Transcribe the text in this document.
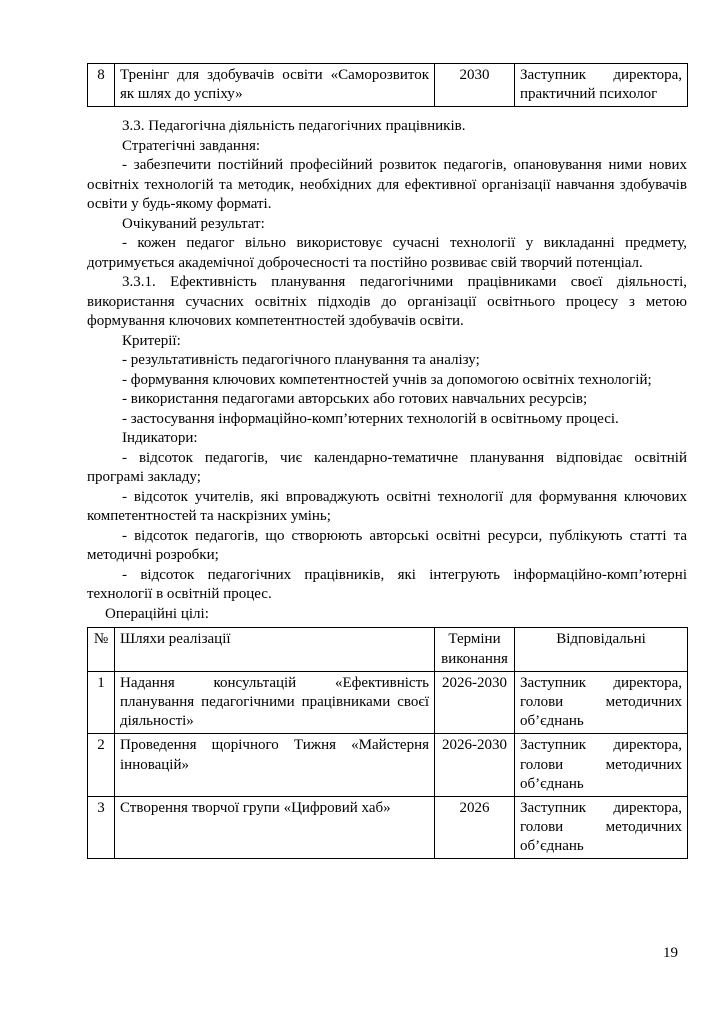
8	Тренінг для здобувачів освіти «Саморозвиток як шлях до успіху»	2030	Заступник директора, практичний психолог

3.3. Педагогічна діяльність педагогічних працівників.

Стратегічні завдання:

- забезпечити постійний професійний розвиток педагогів, опановування ними нових освітніх технологій та методик, необхідних для ефективної організації навчання здобувачів освіти у будь-якому форматі.

Очікуваний результат:

- кожен педагог вільно використовує сучасні технології у викладанні предмету, дотримується академічної доброчесності та постійно розвиває свій творчий потенціал.

3.3.1. Ефективність планування педагогічними працівниками своєї діяльності, використання сучасних освітніх підходів до організації освітнього процесу з метою формування ключових компетентностей здобувачів освіти.

Критерії:

- результативність педагогічного планування та аналізу;

- формування ключових компетентностей учнів за допомогою освітніх технологій;

- використання педагогами авторських або готових навчальних ресурсів;

- застосування інформаційно-комп’ютерних технологій в освітньому процесі.

Індикатори:

- відсоток педагогів, чиє календарно-тематичне планування відповідає освітній програмі закладу;

- відсоток учителів, які впроваджують освітні технології для формування ключових компетентностей та наскрізних умінь;

- відсоток педагогів, що створюють авторські освітні ресурси, публікують статті та методичні розробки;

- відсоток педагогічних працівників, які інтегрують інформаційно-комп’ютерні технології в освітній процес.

Операційні цілі:

№	Шляхи реалізації	Терміни виконання	Відповідальні
1	Надання консультацій «Ефективність планування педагогічними працівниками своєї діяльності»	2026-2030	Заступник директора, голови методичних об’єднань
2	Проведення щорічного Тижня «Майстерня інновацій»	2026-2030	Заступник директора, голови методичних об’єднань
3	Створення творчої групи «Цифровий хаб»	2026	Заступник директора, голови методичних об’єднань
19
